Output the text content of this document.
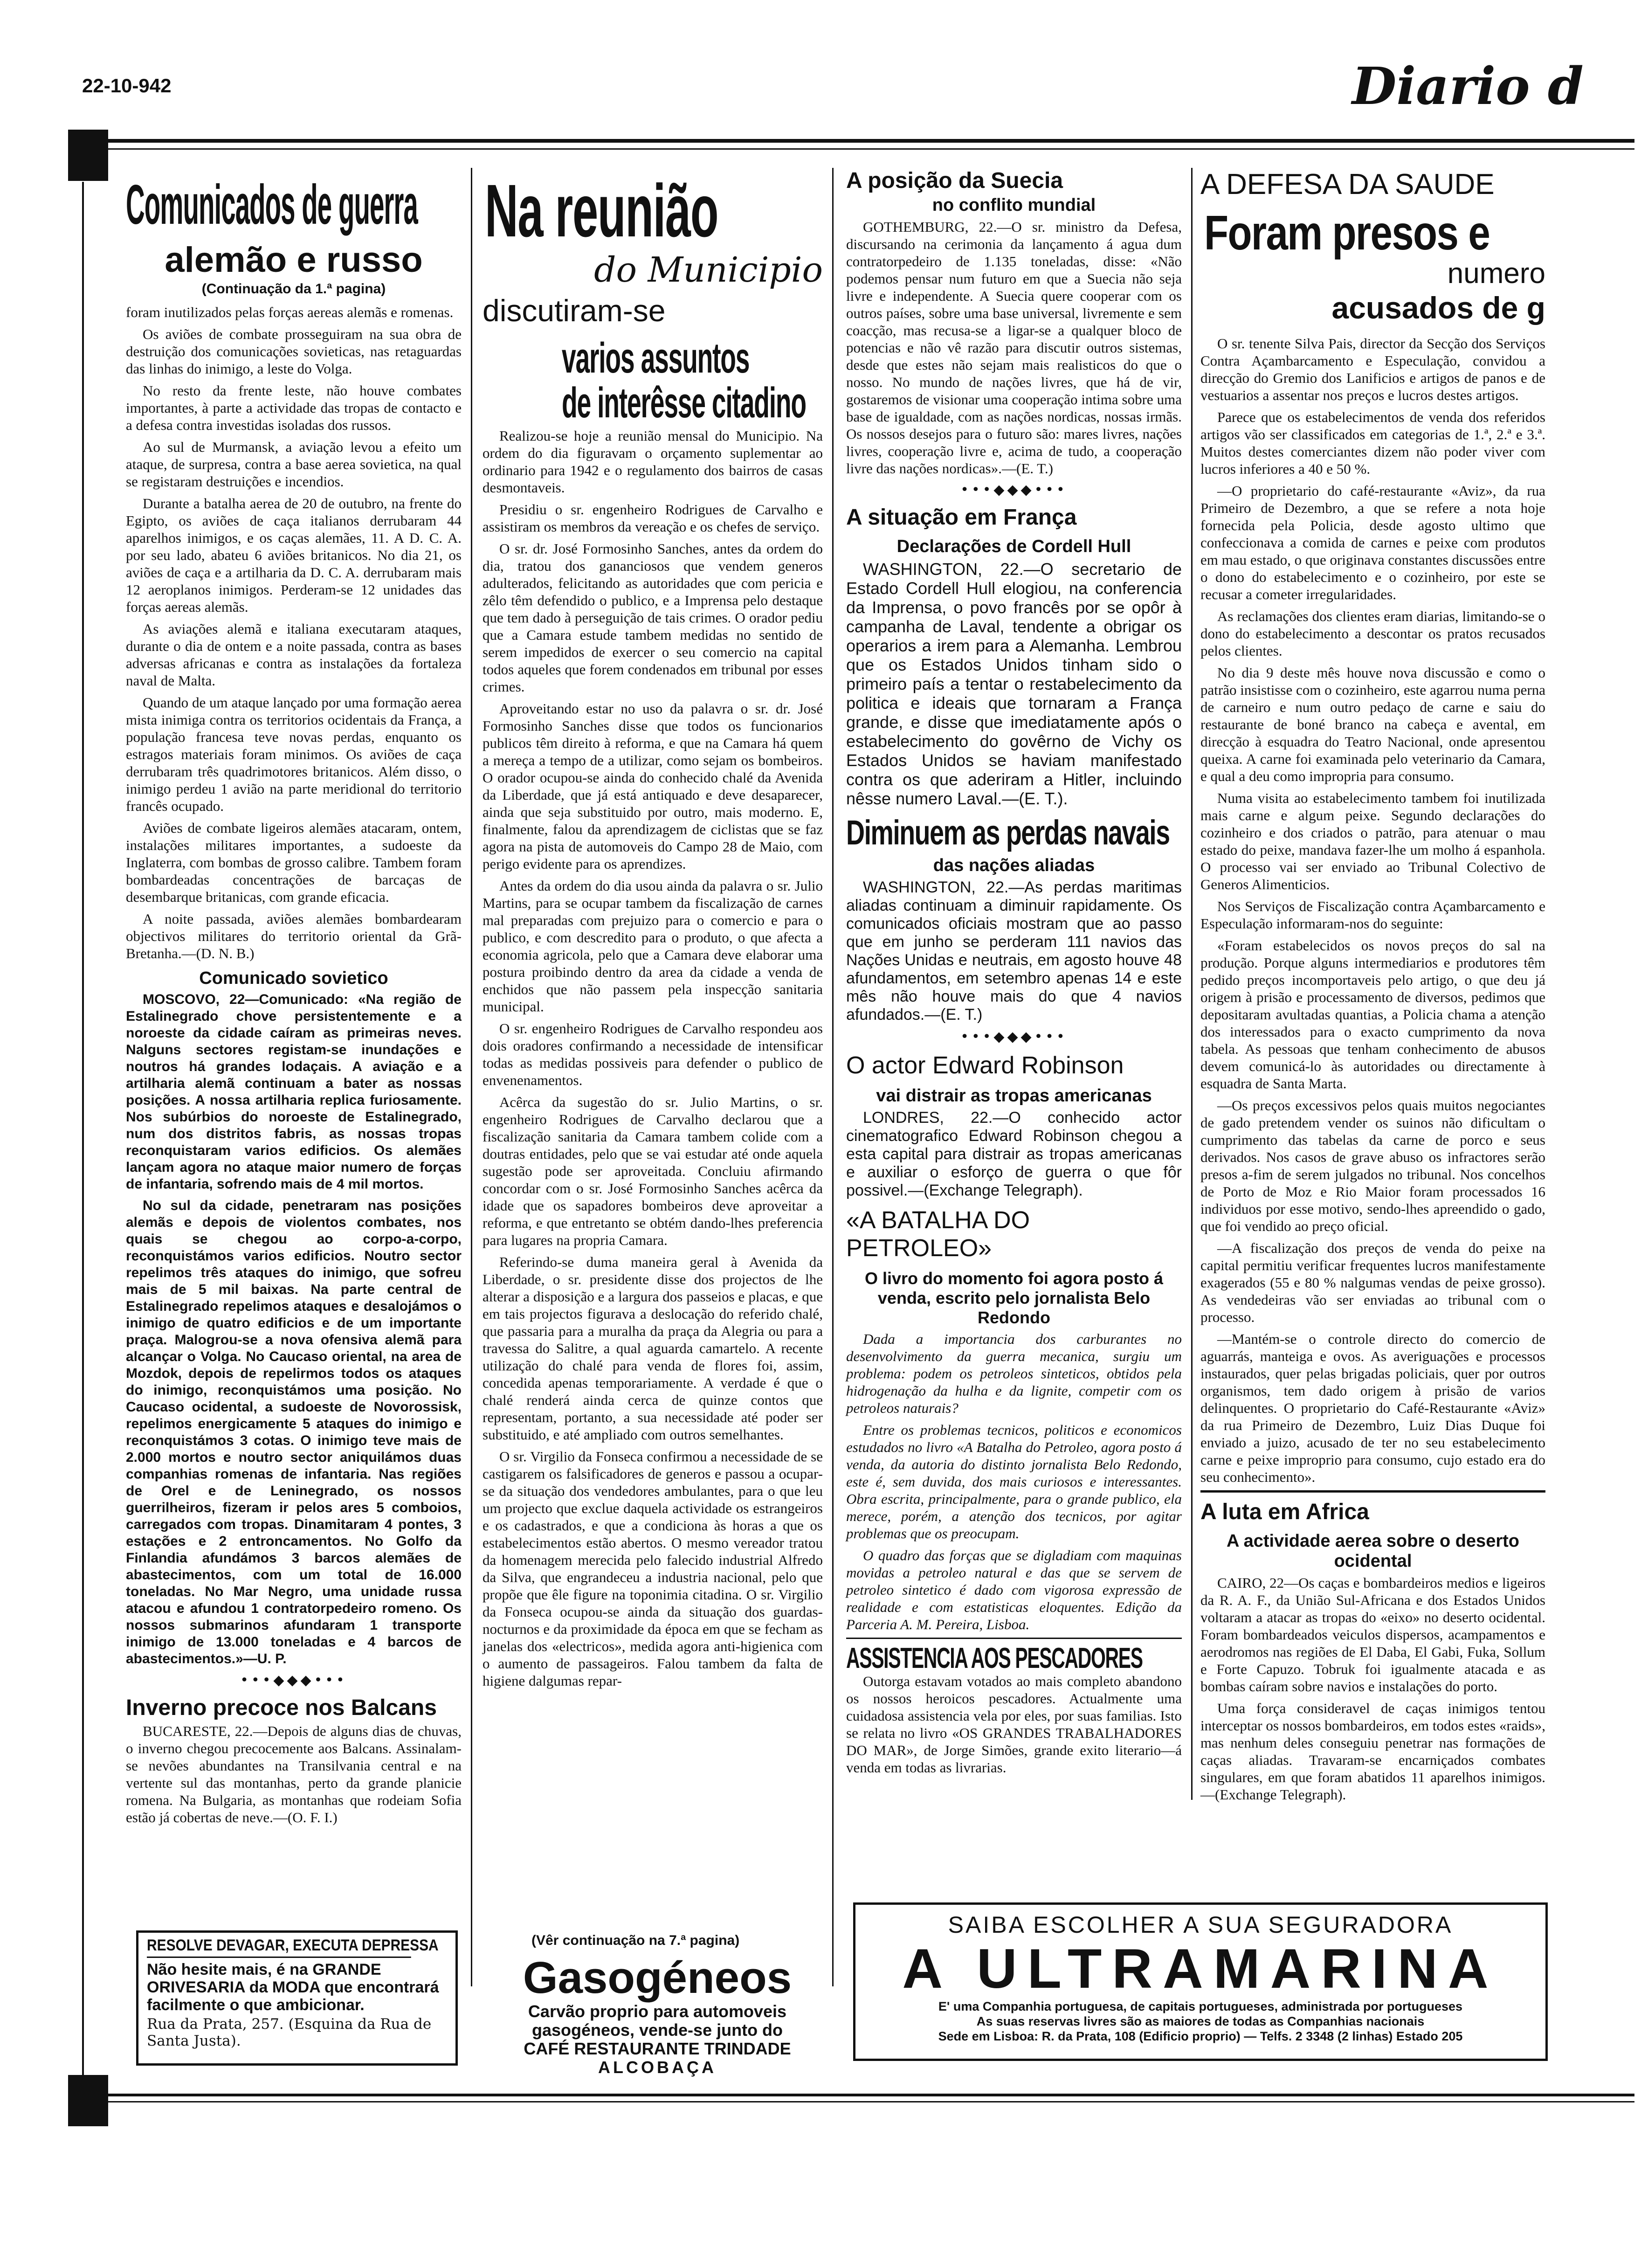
22-10-942	Diario d
Comunicados de guerra
alemão e russo
(Continuação da 1.ª pagina)

foram inutilizados pelas forças aereas alemãs e romenas.

Os aviões de combate prosseguiram na sua obra de destruição dos comunicações sovieticas, nas retaguardas das linhas do inimigo, a leste do Volga.

No resto da frente leste, não houve combates importantes, à parte a actividade das tropas de contacto e a defesa contra investidas isoladas dos russos.

Ao sul de Murmansk, a aviação levou a efeito um ataque, de surpresa, contra a base aerea sovietica, na qual se registaram destruições e incendios.

Durante a batalha aerea de 20 de outubro, na frente do Egipto, os aviões de caça italianos derrubaram 44 aparelhos inimigos, e os caças alemães, 11. A D. C. A. por seu lado, abateu 6 aviões britanicos. No dia 21, os aviões de caça e a artilharia da D. C. A. derrubaram mais 12 aeroplanos inimigos. Perderam-se 12 unidades das forças aereas alemãs.

As aviações alemã e italiana executaram ataques, durante o dia de ontem e a noite passada, contra as bases adversas africanas e contra as instalações da fortaleza naval de Malta.

Quando de um ataque lançado por uma formação aerea mista inimiga contra os territorios ocidentais da França, a população francesa teve novas perdas, enquanto os estragos materiais foram minimos. Os aviões de caça derrubaram três quadrimotores britanicos. Além disso, o inimigo perdeu 1 avião na parte meridional do territorio francês ocupado.

Aviões de combate ligeiros alemães atacaram, ontem, instalações militares importantes, a sudoeste da Inglaterra, com bombas de grosso calibre. Tambem foram bombardeadas concentrações de barcaças de desembarque britanicas, com grande eficacia.

A noite passada, aviões alemães bombardearam objectivos militares do territorio oriental da Grã-Bretanha.—(D. N. B.)

Comunicado sovietico

MOSCOVO, 22—Comunicado: «Na região de Estalinegrado chove persistentemente e a noroeste da cidade caíram as primeiras neves. Nalguns sectores registam-se inundações e noutros há grandes lodaçais. A aviação e a artilharia alemã continuam a bater as nossas posições. A nossa artilharia replica furiosamente. Nos subúrbios do noroeste de Estalinegrado, num dos distritos fabris, as nossas tropas reconquistaram varios edificios. Os alemães lançam agora no ataque maior numero de forças de infantaria, sofrendo mais de 4 mil mortos.

No sul da cidade, penetraram nas posições alemãs e depois de violentos combates, nos quais se chegou ao corpo-a-corpo, reconquistámos varios edificios. Noutro sector repelimos três ataques do inimigo, que sofreu mais de 5 mil baixas. Na parte central de Estalinegrado repelimos ataques e desalojámos o inimigo de quatro edificios e de um importante praça. Malogrou-se a nova ofensiva alemã para alcançar o Volga. No Caucaso oriental, na area de Mozdok, depois de repelirmos todos os ataques do inimigo, reconquistámos uma posição. No Caucaso ocidental, a sudoeste de Novorossisk, repelimos energicamente 5 ataques do inimigo e reconquistámos 3 cotas. O inimigo teve mais de 2.000 mortos e noutro sector aniquilámos duas companhias romenas de infantaria. Nas regiões de Orel e de Leninegrado, os nossos guerrilheiros, fizeram ir pelos ares 5 comboios, carregados com tropas. Dinamitaram 4 pontes, 3 estações e 2 entroncamentos. No Golfo da Finlandia afundámos 3 barcos alemães de abastecimentos, com um total de 16.000 toneladas. No Mar Negro, uma unidade russa atacou e afundou 1 contratorpedeiro romeno. Os nossos submarinos afundaram 1 transporte inimigo de 13.000 toneladas e 4 barcos de abastecimentos.»—U. P.

•••◆◆◆•••
Inverno precoce nos Balcans

BUCARESTE, 22.—Depois de alguns dias de chuvas, o inverno chegou precocemente aos Balcans. Assinalam-se nevões abundantes na Transilvania central e na vertente sul das montanhas, perto da grande planicie romena. Na Bulgaria, as montanhas que rodeiam Sofia estão já cobertas de neve.—(O. F. I.)

RESOLVE DEVAGAR, EXECUTA DEPRESSA
Não hesite mais, é na GRANDE ORIVESARIA da MODA que encontrará facilmente o que ambicionar.
Rua da Prata, 257. (Esquina da Rua de Santa Justa).
Na reunião
do Municipio
discutiram-se
varios assuntos
de interêsse citadino

Realizou-se hoje a reunião mensal do Municipio. Na ordem do dia figuravam o orçamento suplementar ao ordinario para 1942 e o regulamento dos bairros de casas desmontaveis.

Presidiu o sr. engenheiro Rodrigues de Carvalho e assistiram os membros da vereação e os chefes de serviço.

O sr. dr. José Formosinho Sanches, antes da ordem do dia, tratou dos gananciosos que vendem generos adulterados, felicitando as autoridades que com pericia e zêlo têm defendido o publico, e a Imprensa pelo destaque que tem dado à perseguição de tais crimes. O orador pediu que a Camara estude tambem medidas no sentido de serem impedidos de exercer o seu comercio na capital todos aqueles que forem condenados em tribunal por esses crimes.

Aproveitando estar no uso da palavra o sr. dr. José Formosinho Sanches disse que todos os funcionarios publicos têm direito à reforma, e que na Camara há quem a mereça a tempo de a utilizar, como sejam os bombeiros. O orador ocupou-se ainda do conhecido chalé da Avenida da Liberdade, que já está antiquado e deve desaparecer, ainda que seja substituido por outro, mais moderno. E, finalmente, falou da aprendizagem de ciclistas que se faz agora na pista de automoveis do Campo 28 de Maio, com perigo evidente para os aprendizes.

Antes da ordem do dia usou ainda da palavra o sr. Julio Martins, para se ocupar tambem da fiscalização de carnes mal preparadas com prejuizo para o comercio e para o publico, e com descredito para o produto, o que afecta a economia agricola, pelo que a Camara deve elaborar uma postura proibindo dentro da area da cidade a venda de enchidos que não passem pela inspecção sanitaria municipal.

O sr. engenheiro Rodrigues de Carvalho respondeu aos dois oradores confirmando a necessidade de intensificar todas as medidas possiveis para defender o publico de envenenamentos.

Acêrca da sugestão do sr. Julio Martins, o sr. engenheiro Rodrigues de Carvalho declarou que a fiscalização sanitaria da Camara tambem colide com a doutras entidades, pelo que se vai estudar até onde aquela sugestão pode ser aproveitada. Concluiu afirmando concordar com o sr. José Formosinho Sanches acêrca da idade que os sapadores bombeiros deve aproveitar a reforma, e que entretanto se obtém dando-lhes preferencia para lugares na propria Camara.

Referindo-se duma maneira geral à Avenida da Liberdade, o sr. presidente disse dos projectos de lhe alterar a disposição e a largura dos passeios e placas, e que em tais projectos figurava a deslocação do referido chalé, que passaria para a muralha da praça da Alegria ou para a travessa do Salitre, a qual aguarda camartelo. A recente utilização do chalé para venda de flores foi, assim, concedida apenas temporariamente. A verdade é que o chalé renderá ainda cerca de quinze contos que representam, portanto, a sua necessidade até poder ser substituido, e até ampliado com outros semelhantes.

O sr. Virgilio da Fonseca confirmou a necessidade de se castigarem os falsificadores de generos e passou a ocupar-se da situação dos vendedores ambulantes, para o que leu um projecto que exclue daquela actividade os estrangeiros e os cadastrados, e que a condiciona às horas a que os estabelecimentos estão abertos. O mesmo vereador tratou da homenagem merecida pelo falecido industrial Alfredo da Silva, que engrandeceu a industria nacional, pelo que propõe que êle figure na toponimia citadina. O sr. Virgilio da Fonseca ocupou-se ainda da situação dos guardas-nocturnos e da proximidade da época em que se fecham as janelas dos «electricos», medida agora anti-higienica com o aumento de passageiros. Falou tambem da falta de higiene dalgumas repar-

(Vêr continuação na 7.ª pagina)
Gasogéneos
Carvão proprio para automoveis
gasogéneos, vende-se junto do
CAFÉ RESTAURANTE TRINDADE
ALCOBAÇA
A posição da Suecia
no conflito mundial

GOTHEMBURG, 22.—O sr. ministro da Defesa, discursando na cerimonia da lançamento á agua dum contratorpedeiro de 1.135 toneladas, disse: «Não podemos pensar num futuro em que a Suecia não seja livre e independente. A Suecia quere cooperar com os outros países, sobre uma base universal, livremente e sem coacção, mas recusa-se a ligar-se a qualquer bloco de potencias e não vê razão para discutir outros sistemas, desde que estes não sejam mais realisticos do que o nosso. No mundo de nações livres, que há de vir, gostaremos de visionar uma cooperação intima sobre uma base de igualdade, com as nações nordicas, nossas irmãs. Os nossos desejos para o futuro são: mares livres, nações livres, cooperação livre e, acima de tudo, a cooperação livre das nações nordicas».—(E. T.)

•••◆◆◆•••
A situação em França
Declarações de Cordell Hull

WASHINGTON, 22.—O secretario de Estado Cordell Hull elogiou, na conferencia da Imprensa, o povo francês por se opôr à campanha de Laval, tendente a obrigar os operarios a irem para a Alemanha. Lembrou que os Estados Unidos tinham sido o primeiro país a tentar o restabelecimento da politica e ideais que tornaram a França grande, e disse que imediatamente após o estabelecimento do govêrno de Vichy os Estados Unidos se haviam manifestado contra os que aderiram a Hitler, incluindo nêsse numero Laval.—(E. T.).

Diminuem as perdas navais
das nações aliadas

WASHINGTON, 22.—As perdas maritimas aliadas continuam a diminuir rapidamente. Os comunicados oficiais mostram que ao passo que em junho se perderam 111 navios das Nações Unidas e neutrais, em agosto houve 48 afundamentos, em setembro apenas 14 e este mês não houve mais do que 4 navios afundados.—(E. T.)

•••◆◆◆•••
O actor Edward Robinson
vai distrair as tropas americanas

LONDRES, 22.—O conhecido actor cinematografico Edward Robinson chegou a esta capital para distrair as tropas americanas e auxiliar o esforço de guerra o que fôr possivel.—(Exchange Telegraph).

«A BATALHA DO PETROLEO»
O livro do momento foi agora posto á venda, escrito pelo jornalista Belo Redondo

Dada a importancia dos carburantes no desenvolvimento da guerra mecanica, surgiu um problema: podem os petroleos sinteticos, obtidos pela hidrogenação da hulha e da lignite, competir com os petroleos naturais?

Entre os problemas tecnicos, politicos e economicos estudados no livro «A Batalha do Petroleo, agora posto á venda, da autoria do distinto jornalista Belo Redondo, este é, sem duvida, dos mais curiosos e interessantes. Obra escrita, principalmente, para o grande publico, ela merece, porém, a atenção dos tecnicos, por agitar problemas que os preocupam.

O quadro das forças que se digladiam com maquinas movidas a petroleo natural e das que se servem de petroleo sintetico é dado com vigorosa expressão de realidade e com estatisticas eloquentes. Edição da Parceria A. M. Pereira, Lisboa.

ASSISTENCIA AOS PESCADORES

Outorga estavam votados ao mais completo abandono os nossos heroicos pescadores. Actualmente uma cuidadosa assistencia vela por eles, por suas familias. Isto se relata no livro «OS GRANDES TRABALHADORES DO MAR», de Jorge Simões, grande exito literario—á venda em todas as livrarias.

A DEFESA DA SAUDE
Foram presos e
numero
acusados de g

O sr. tenente Silva Pais, director da Secção dos Serviços Contra Açambarcamento e Especulação, convidou a direcção do Gremio dos Lanificios e artigos de panos e de vestuarios a assentar nos preços e lucros destes artigos.

Parece que os estabelecimentos de venda dos referidos artigos vão ser classificados em categorias de 1.ª, 2.ª e 3.ª. Muitos destes comerciantes dizem não poder viver com lucros inferiores a 40 e 50 %.

—O proprietario do café-restaurante «Aviz», da rua Primeiro de Dezembro, a que se refere a nota hoje fornecida pela Policia, desde agosto ultimo que confeccionava a comida de carnes e peixe com produtos em mau estado, o que originava constantes discussões entre o dono do estabelecimento e o cozinheiro, por este se recusar a cometer irregularidades.

As reclamações dos clientes eram diarias, limitando-se o dono do estabelecimento a descontar os pratos recusados pelos clientes.

No dia 9 deste mês houve nova discussão e como o patrão insistisse com o cozinheiro, este agarrou numa perna de carneiro e num outro pedaço de carne e saiu do restaurante de boné branco na cabeça e avental, em direcção à esquadra do Teatro Nacional, onde apresentou queixa. A carne foi examinada pelo veterinario da Camara, e qual a deu como impropria para consumo.

Numa visita ao estabelecimento tambem foi inutilizada mais carne e algum peixe. Segundo declarações do cozinheiro e dos criados o patrão, para atenuar o mau estado do peixe, mandava fazer-lhe um molho á espanhola. O processo vai ser enviado ao Tribunal Colectivo de Generos Alimenticios.

Nos Serviços de Fiscalização contra Açambarcamento e Especulação informaram-nos do seguinte:

«Foram estabelecidos os novos preços do sal na produção. Porque alguns intermediarios e produtores têm pedido preços incomportaveis pelo artigo, o que deu já origem à prisão e processamento de diversos, pedimos que depositaram avultadas quantias, a Policia chama a atenção dos interessados para o exacto cumprimento da nova tabela. As pessoas que tenham conhecimento de abusos devem comunicá-lo às autoridades ou directamente à esquadra de Santa Marta.

—Os preços excessivos pelos quais muitos negociantes de gado pretendem vender os suinos não dificultam o cumprimento das tabelas da carne de porco e seus derivados. Nos casos de grave abuso os infractores serão presos a-fim de serem julgados no tribunal. Nos concelhos de Porto de Moz e Rio Maior foram processados 16 individuos por esse motivo, sendo-lhes apreendido o gado, que foi vendido ao preço oficial.

—A fiscalização dos preços de venda do peixe na capital permitiu verificar frequentes lucros manifestamente exagerados (55 e 80 % nalgumas vendas de peixe grosso). As vendedeiras vão ser enviadas ao tribunal com o processo.

—Mantém-se o controle directo do comercio de aguarrás, manteiga e ovos. As averiguações e processos instaurados, quer pelas brigadas policiais, quer por outros organismos, tem dado origem à prisão de varios delinquentes. O proprietario do Café-Restaurante «Aviz» da rua Primeiro de Dezembro, Luiz Dias Duque foi enviado a juizo, acusado de ter no seu estabelecimento carne e peixe improprio para consumo, cujo estado era do seu conhecimento».

A luta em Africa
A actividade aerea sobre o deserto ocidental

CAIRO, 22—Os caças e bombardeiros medios e ligeiros da R. A. F., da União Sul-Africana e dos Estados Unidos voltaram a atacar as tropas do «eixo» no deserto ocidental. Foram bombardeados veiculos dispersos, acampamentos e aerodromos nas regiões de El Daba, El Gabi, Fuka, Sollum e Forte Capuzo. Tobruk foi igualmente atacada e as bombas caíram sobre navios e instalações do porto.

Uma força consideravel de caças inimigos tentou interceptar os nossos bombardeiros, em todos estes «raids», mas nenhum deles conseguiu penetrar nas formações de caças aliadas. Travaram-se encarniçados combates singulares, em que foram abatidos 11 aparelhos inimigos.—(Exchange Telegraph).

SAIBA ESCOLHER A SUA SEGURADORA
A ULTRAMARINA
E' uma Companhia portuguesa, de capitais portugueses, administrada por portugueses
As suas reservas livres são as maiores de todas as Companhias nacionais
Sede em Lisboa: R. da Prata, 108 (Edificio proprio) — Telfs. 2 3348 (2 linhas) Estado 205
